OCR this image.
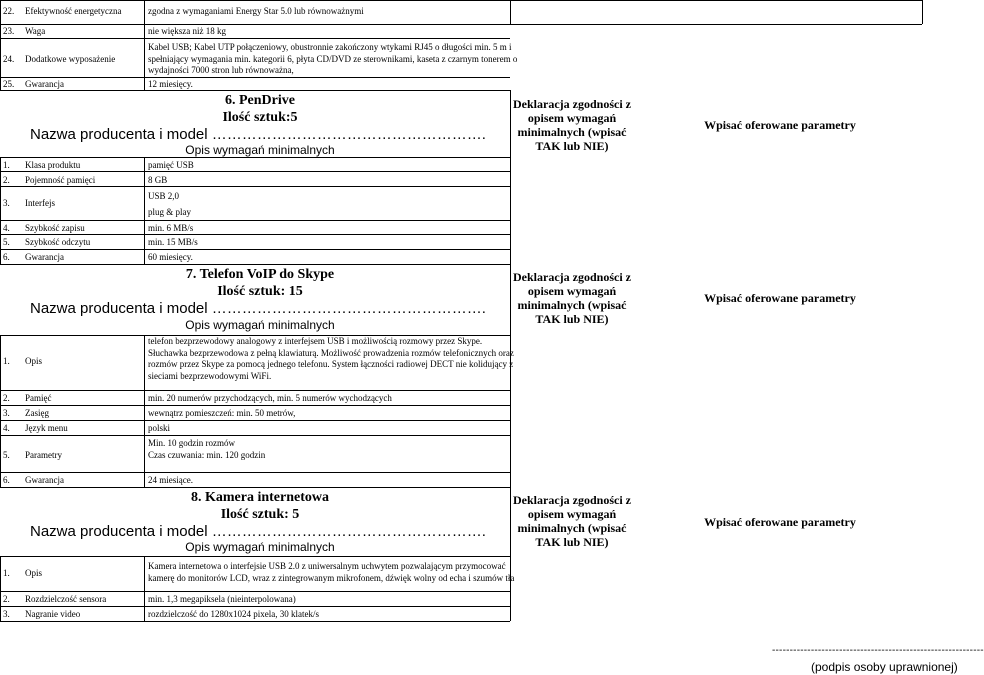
22. Efektywność energetyczna	zgodna z wymaganiami Energy Star 5.0 lub równoważnymi
23. Waga	nie większa niż 18 kg
24. Dodatkowe wyposażenie
Kabel USB; Kabel UTP połączeniowy, obustronnie zakończony wtykami RJ45 o długości min. 5 m i
spełniający wymagania min. kategorii 6, płyta CD/DVD ze sterownikami, kaseta z czarnym tonerem o
wydajności 7000 stron lub równoważna,
25. Gwarancja	12 miesięcy.
6. PenDrive
Ilość sztuk:5
Nazwa producenta i model ……………………………………………….
Opis wymagań minimalnych
Deklaracja zgodności z
opisem wymagań
minimalnych (wpisać
TAK lub NIE)
Wpisać oferowane parametry
1. Klasa produktu	pamięć USB
2. Pojemność pamięci	8 GB
3. Interfejs
USB 2,0
plug & play
4. Szybkość zapisu	min. 6 MB/s
5. Szybkość odczytu	min. 15 MB/s
6. Gwarancja	60 miesięcy.
7. Telefon VoIP do Skype
Ilość sztuk: 15
Nazwa producenta i model ……………………………………………….
Opis wymagań minimalnych
Deklaracja zgodności z
opisem wymagań
minimalnych (wpisać
TAK lub NIE)
Wpisać oferowane parametry
1. Opis
telefon bezprzewodowy analogowy z interfejsem USB i możliwością rozmowy przez Skype.
Słuchawka bezprzewodowa z pełną klawiaturą. Możliwość prowadzenia rozmów telefonicznych oraz
rozmów przez Skype za pomocą jednego telefonu. System łączności radiowej DECT nie kolidujący z
sieciami bezprzewodowymi WiFi.
2. Pamięć	min. 20 numerów przychodzących, min. 5 numerów wychodzących
3. Zasięg	wewnątrz pomieszczeń: min. 50 metrów,
4. Język menu	polski
5. Parametry
Min. 10 godzin rozmów
Czas czuwania: min. 120 godzin
6. Gwarancja	24 miesiące.
8. Kamera internetowa
Ilość sztuk: 5
Nazwa producenta i model ……………………………………………….
Opis wymagań minimalnych
Deklaracja zgodności z
opisem wymagań
minimalnych (wpisać
TAK lub NIE)
Wpisać oferowane parametry
1. Opis
Kamera internetowa o interfejsie USB 2.0 z uniwersalnym uchwytem pozwalającym przymocować
kamerę do monitorów LCD, wraz z zintegrowanym mikrofonem, dźwięk wolny od echa i szumów tła
2. Rozdzielczość sensora	min. 1,3 megapiksela (nieinterpolowana)
3. Nagranie video	rozdzielczość do 1280x1024 pixela, 30 klatek/s
------------------------------------------------------------
(podpis osoby uprawnionej)
